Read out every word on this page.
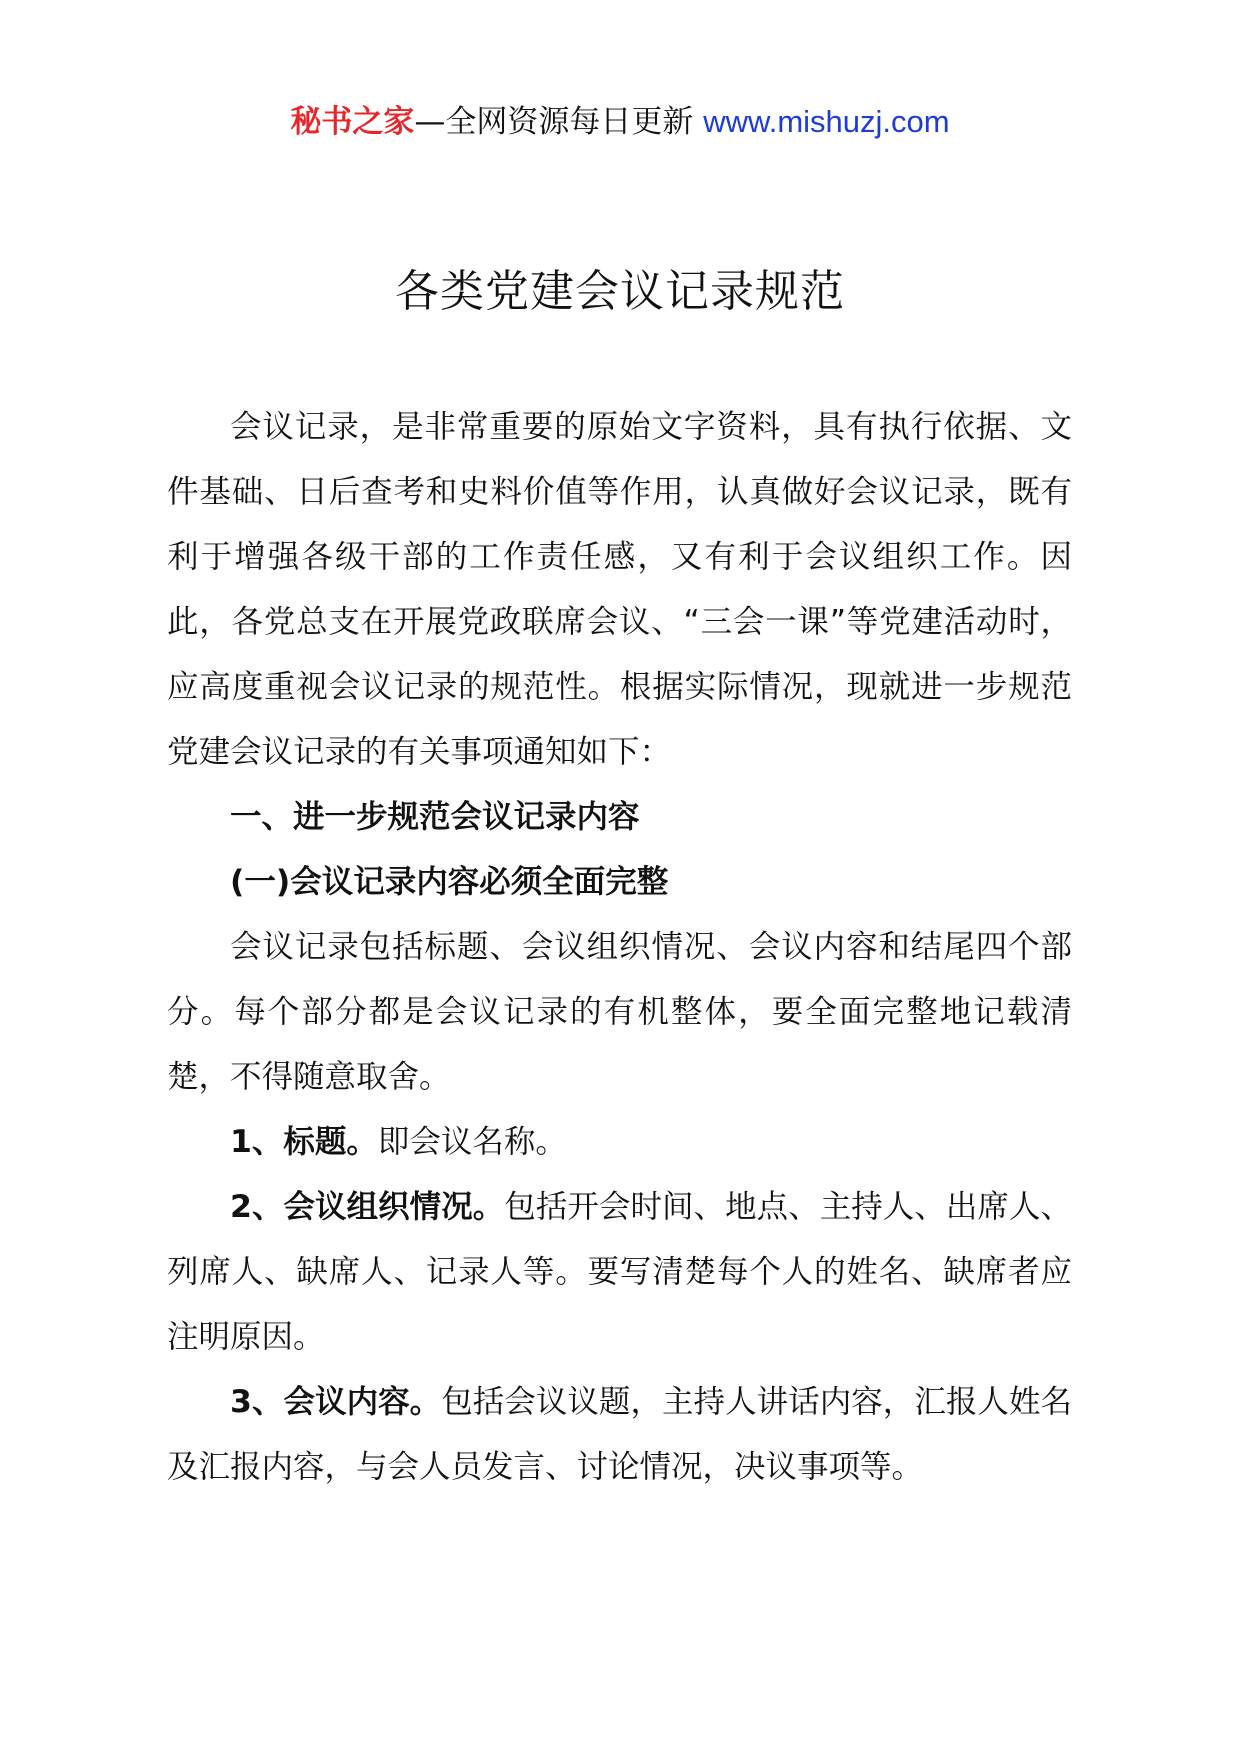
秘书之家—全网资源每日更新 www.mishuzj.com
各类党建会议记录规范

会议记录，是非常重要的原始文字资料，具有执行依据、文件基础、日后查考和史料价值等作用，认真做好会议记录，既有利于增强各级干部的工作责任感，又有利于会议组织工作。因此，各党总支在开展党政联席会议、“三会一课”等党建活动时，应高度重视会议记录的规范性。根据实际情况，现就进一步规范党建会议记录的有关事项通知如下：

一、进一步规范会议记录内容

(一)会议记录内容必须全面完整

会议记录包括标题、会议组织情况、会议内容和结尾四个部分。每个部分都是会议记录的有机整体，要全面完整地记载清楚，不得随意取舍。

1、标题。即会议名称。

2、会议组织情况。包括开会时间、地点、主持人、出席人、列席人、缺席人、记录人等。要写清楚每个人的姓名、缺席者应注明原因。

3、会议内容。包括会议议题，主持人讲话内容，汇报人姓名及汇报内容，与会人员发言、讨论情况，决议事项等。
